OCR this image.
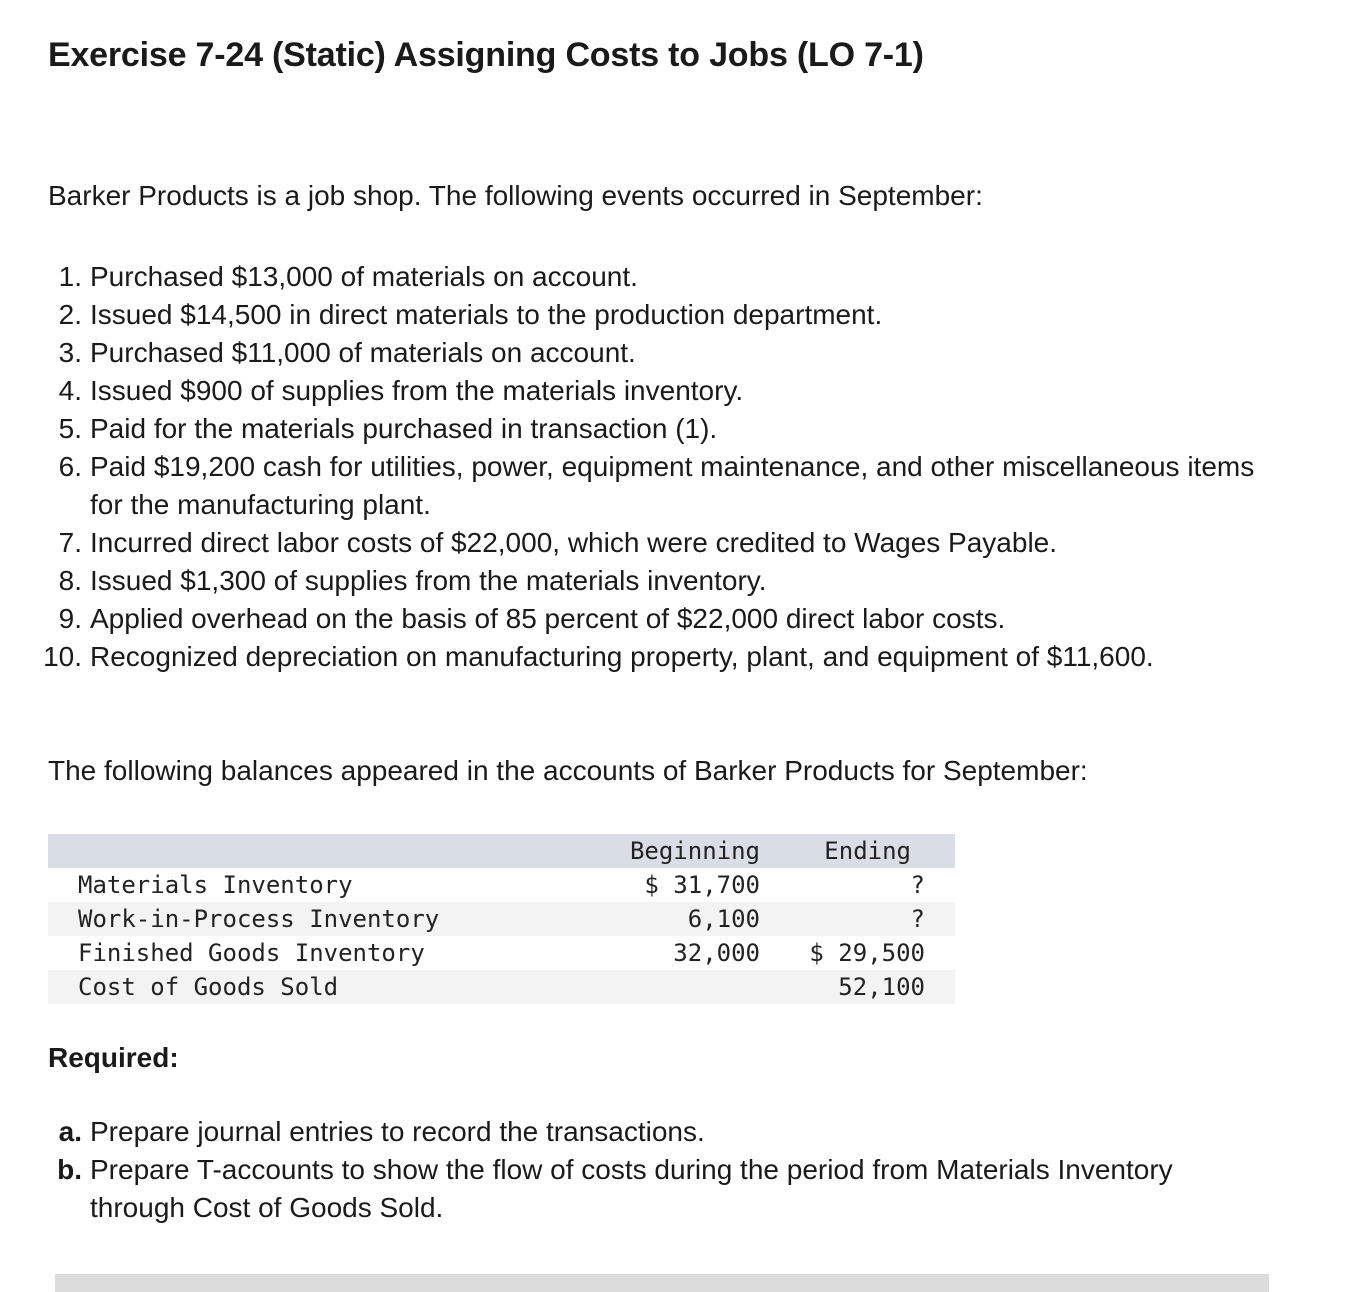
Exercise 7-24 (Static) Assigning Costs to Jobs (LO 7-1)

Barker Products is a job shop. The following events occurred in September:

1. Purchased $13,000 of materials on account.
2. Issued $14,500 in direct materials to the production department.
3. Purchased $11,000 of materials on account.
4. Issued $900 of supplies from the materials inventory.
5. Paid for the materials purchased in transaction (1).
6. Paid $19,200 cash for utilities, power, equipment maintenance, and other miscellaneous items for the manufacturing plant.
7. Incurred direct labor costs of $22,000, which were credited to Wages Payable.
8. Issued $1,300 of supplies from the materials inventory.
9. Applied overhead on the basis of 85 percent of $22,000 direct labor costs.
10. Recognized depreciation on manufacturing property, plant, and equipment of $11,600.

The following balances appeared in the accounts of Barker Products for September:

	Beginning	Ending
Materials Inventory	$ 31,700	?
Work-in-Process Inventory	6,100	?
Finished Goods Inventory	32,000	$ 29,500
Cost of Goods Sold		52,100

Required:

a. Prepare journal entries to record the transactions.
b. Prepare T-accounts to show the flow of costs during the period from Materials Inventory through Cost of Goods Sold.
